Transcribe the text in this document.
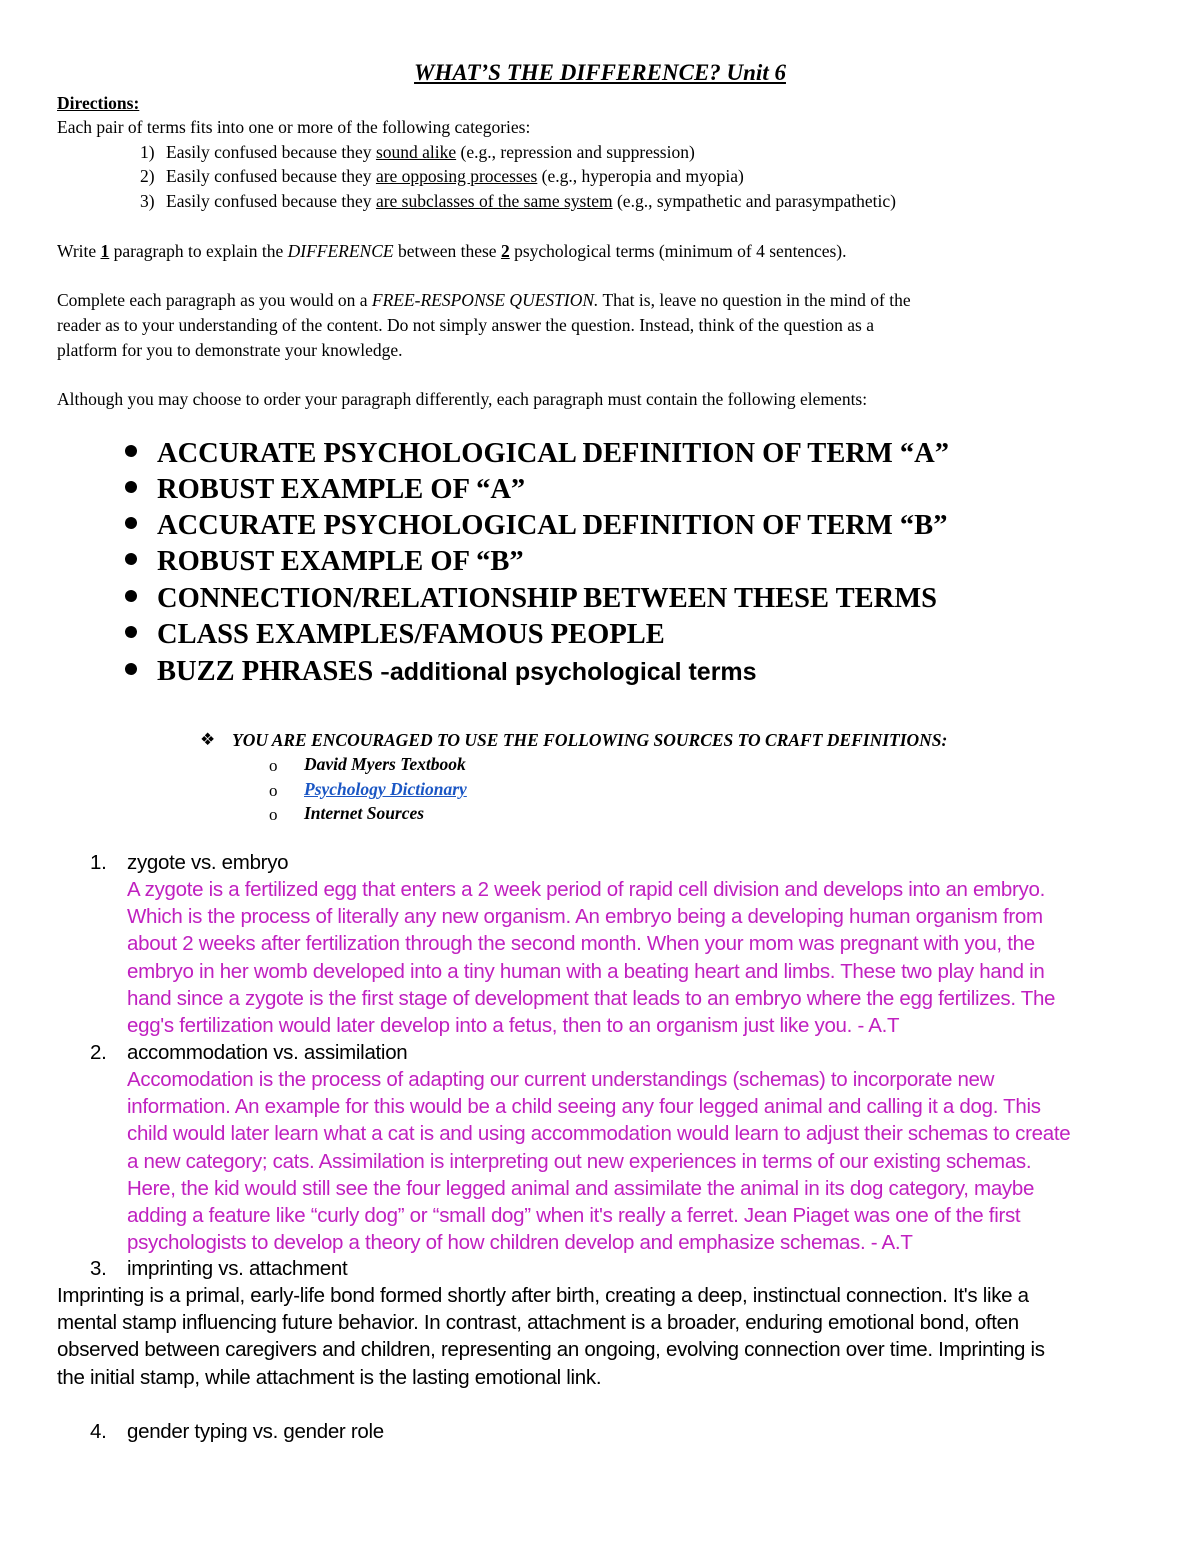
WHAT’S THE DIFFERENCE? Unit 6
Directions:
Each pair of terms fits into one or more of the following categories:
1) Easily confused because they sound alike (e.g., repression and suppression)
2) Easily confused because they are opposing processes (e.g., hyperopia and myopia)
3) Easily confused because they are subclasses of the same system (e.g., sympathetic and parasympathetic)
Write 1 paragraph to explain the DIFFERENCE between these 2 psychological terms (minimum of 4 sentences).
Complete each paragraph as you would on a FREE-RESPONSE QUESTION. That is, leave no question in the mind of the
reader as to your understanding of the content. Do not simply answer the question. Instead, think of the question as a
platform for you to demonstrate your knowledge.
Although you may choose to order your paragraph differently, each paragraph must contain the following elements:
ACCURATE PSYCHOLOGICAL DEFINITION OF TERM “A”
ROBUST EXAMPLE OF “A”
ACCURATE PSYCHOLOGICAL DEFINITION OF TERM “B”
ROBUST EXAMPLE OF “B”
CONNECTION/RELATIONSHIP BETWEEN THESE TERMS
CLASS EXAMPLES/FAMOUS PEOPLE
BUZZ PHRASES -additional psychological terms
❖ YOU ARE ENCOURAGED TO USE THE FOLLOWING SOURCES TO CRAFT DEFINITIONS:
o David Myers Textbook
o Psychology Dictionary
o Internet Sources
1. zygote vs. embryo
A zygote is a fertilized egg that enters a 2 week period of rapid cell division and develops into an embryo.
Which is the process of literally any new organism. An embryo being a developing human organism from
about 2 weeks after fertilization through the second month. When your mom was pregnant with you, the
embryo in her womb developed into a tiny human with a beating heart and limbs. These two play hand in
hand since a zygote is the first stage of development that leads to an embryo where the egg fertilizes. The
egg's fertilization would later develop into a fetus, then to an organism just like you. - A.T
2. accommodation vs. assimilation
Accomodation is the process of adapting our current understandings (schemas) to incorporate new
information. An example for this would be a child seeing any four legged animal and calling it a dog. This
child would later learn what a cat is and using accommodation would learn to adjust their schemas to create
a new category; cats. Assimilation is interpreting out new experiences in terms of our existing schemas.
Here, the kid would still see the four legged animal and assimilate the animal in its dog category, maybe
adding a feature like “curly dog” or “small dog” when it's really a ferret. Jean Piaget was one of the first
psychologists to develop a theory of how children develop and emphasize schemas. - A.T
3. imprinting vs. attachment
Imprinting is a primal, early-life bond formed shortly after birth, creating a deep, instinctual connection. It's like a
mental stamp influencing future behavior. In contrast, attachment is a broader, enduring emotional bond, often
observed between caregivers and children, representing an ongoing, evolving connection over time. Imprinting is
the initial stamp, while attachment is the lasting emotional link.
4. gender typing vs. gender role
